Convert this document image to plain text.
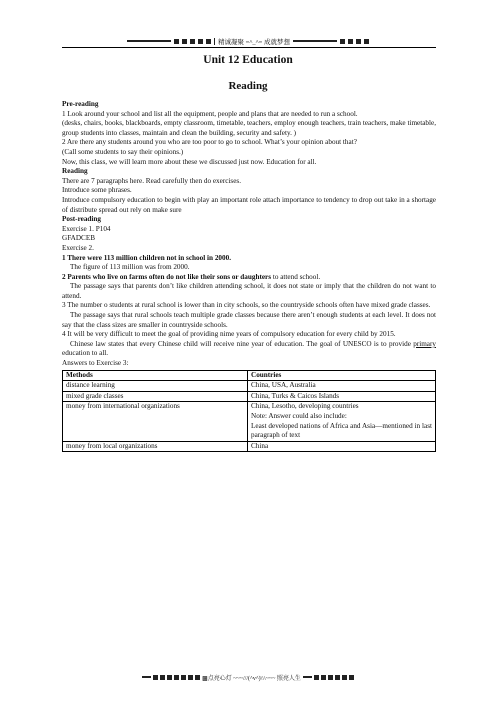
精诚凝聚 =^_^= 成就梦想
Unit 12 Education
Reading

Pre-reading

1 Look around your school and list all the equipment, people and plans that are needed to run a school.

(desks, chairs, books, blackboards, empty classroom, timetable, teachers, employ enough teachers, train teachers, make timetable, group students into classes, maintain and clean the building, security and safety. )

2 Are there any students around you who are too poor to go to school. What’s your opinion about that?

(Call some students to say their opinions.)

Now, this class, we will learn more about these we discussed just now. Education for all.

Reading

There are 7 paragraphs here. Read carefully then do exercises.

Introduce some phrases.

Introduce compulsory education to begin with play an important role attach importance to tendency to drop out take in a shortage of distribute spread out rely on make sure

Post-reading

Exercise 1. P104

GFADCEB

Exercise 2.

1 There were 113 million children not in school in 2000.

The figure of 113 million was from 2000.

2 Parents who live on farms often do not like their sons or daughters to attend school.

The passage says that parents don’t like children attending school, it does not state or imply that the children do not want to attend.

3 The number o students at rural school is lower than in city schools, so the countryside schools often have mixed grade classes.

The passage says that rural schools teach multiple grade classes because there aren’t enough students at each level. It does not say that the class sizes are smaller in countryside schools.

4 It will be very difficult to meet the goal of providing nime years of compulsory education for every child by 2015.

Chinese law states that every Chinese child will receive nine year of education. The goal of UNESCO is to provide primary education to all.

Answers to Exercise 3:

Methods	Countries
distance learning	China, USA, Australia
mixed grade classes	China, Turks & Caicos Islands
money from international organizations	China, Lesotho, developing countries
Note: Answer could also include:
Least developed nations of Africa and Asia—mentioned in last paragraph of text

money from local organizations	China
▩点亮心灯 ~~~///(^v^)\\\~~~ 照亮人生
